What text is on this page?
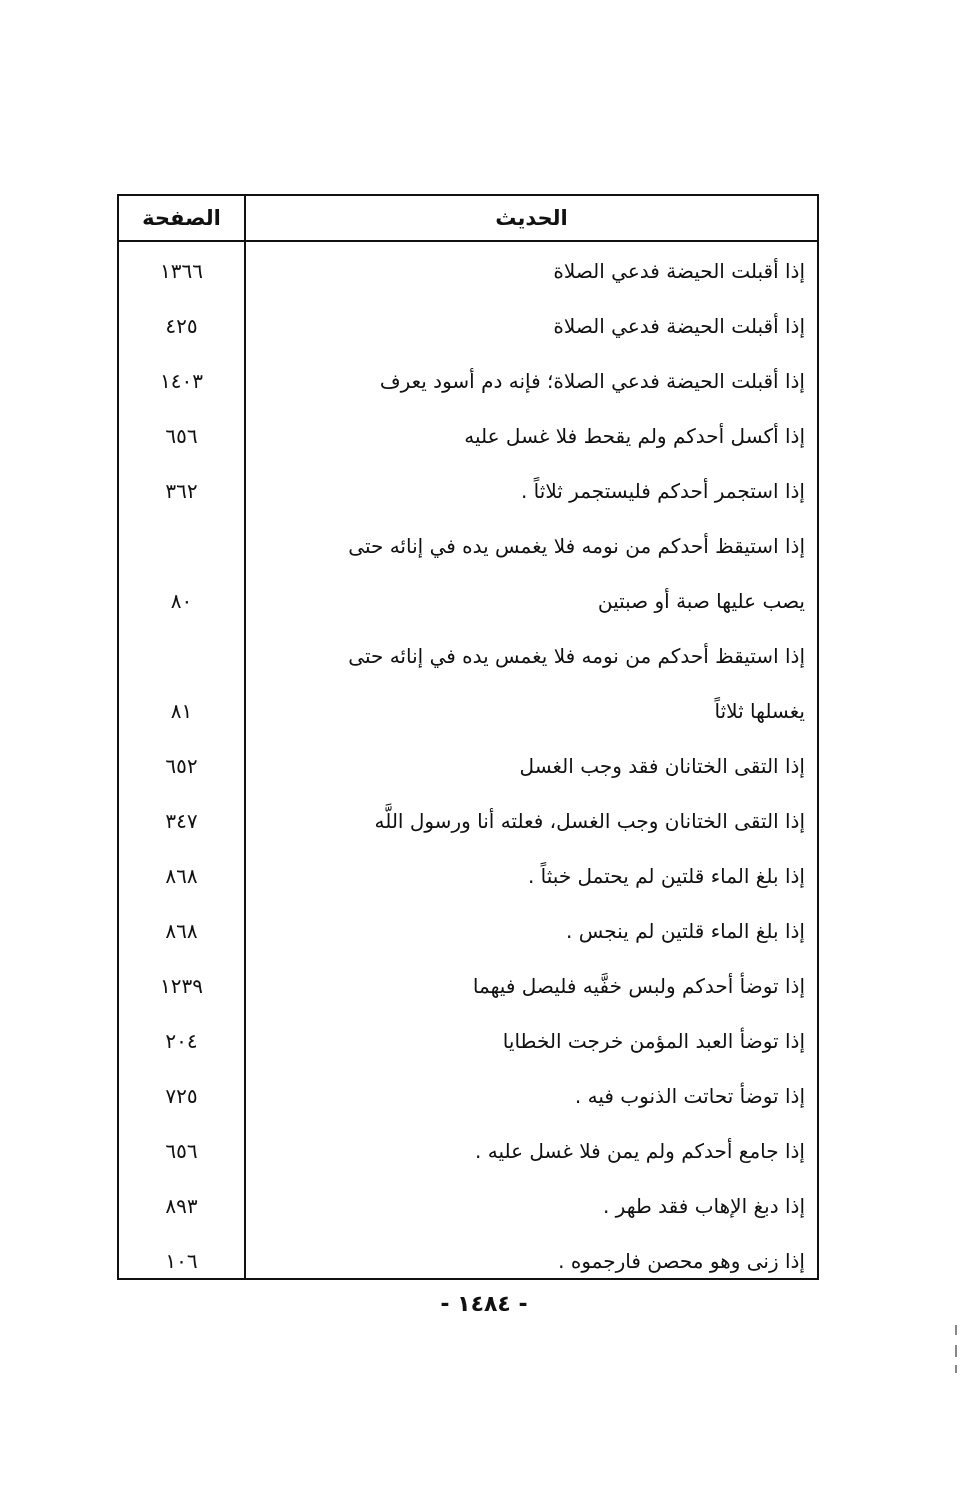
الحديث
الصفحة
إذا أقبلت الحيضة فدعي الصلاة
١٣٦٦
إذا أقبلت الحيضة فدعي الصلاة
٤٢٥
إذا أقبلت الحيضة فدعي الصلاة؛ فإنه دم أسود يعرف
١٤٠٣
إذا أكسل أحدكم ولم يقحط فلا غسل عليه
٦٥٦
إذا استجمر أحدكم فليستجمر ثلاثاً .
٣٦٢
إذا استيقظ أحدكم من نومه فلا يغمس يده في إنائه حتى
يصب عليها صبة أو صبتين
٨٠
إذا استيقظ أحدكم من نومه فلا يغمس يده في إنائه حتى
يغسلها ثلاثاً
٨١
إذا التقى الختانان فقد وجب الغسل
٦٥٢
إذا التقى الختانان وجب الغسل، فعلته أنا ورسول اللَّه
٣٤٧
إذا بلغ الماء قلتين لم يحتمل خبثاً .
٨٦٨
إذا بلغ الماء قلتين لم ينجس .
٨٦٨
إذا توضأ أحدكم ولبس خفَّيه فليصل فيهما
١٢٣٩
إذا توضأ العبد المؤمن خرجت الخطايا
٢٠٤
إذا توضأ تحاتت الذنوب فيه .
٧٢٥
إذا جامع أحدكم ولم يمن فلا غسل عليه .
٦٥٦
إذا دبغ الإهاب فقد طهر .
٨٩٣
إذا زنى وهو محصن فارجموه .
١٠٦
- ١٤٨٤ -
